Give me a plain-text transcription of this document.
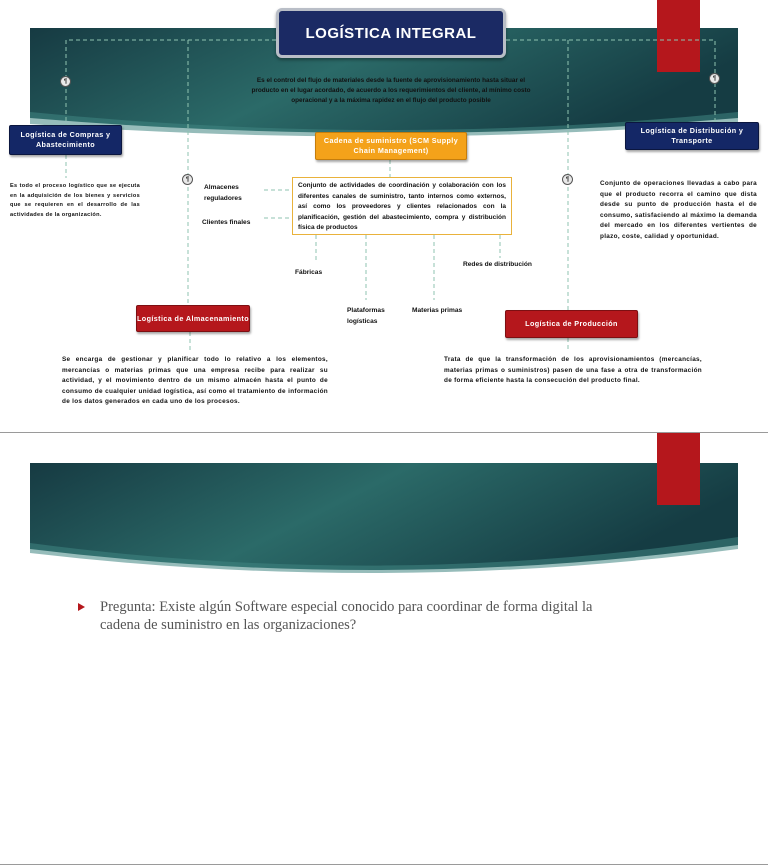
LOGÍSTICA INTEGRAL
Es el control del flujo de materiales desde la fuente de aprovisionamiento hasta situar el producto en el lugar acordado, de acuerdo a los requerimientos del cliente, al mínimo costo operacional y a la máxima rapidez en el flujo del producto posible
¶	¶
¶	¶
Logística de Compras y Abastecimiento	Cadena de suministro (SCM Supply Chain Management)
Logística de Distribución y Transporte
Logística de Almacenamiento
Logística de Producción
Es todo el proceso logístico que se ejecuta en la adquisición de los bienes y servicios que se requieren en el desarrollo de las actividades de la organización.
Conjunto de actividades de coordinación y colaboración con los diferentes canales de suministro, tanto internos como externos, así como los proveedores y clientes relacionados con la planificación, gestión del abastecimiento, compra y distribución física de productos
Conjunto de operaciones llevadas a cabo para que el producto recorra el camino que dista desde su punto de producción hasta el de consumo, satisfaciendo al máximo la demanda del mercado en los diferentes vertientes de plazo, coste, calidad y oportunidad.
Se encarga de gestionar y planificar todo lo relativo a los elementos, mercancías o materias primas que una empresa recibe para realizar su actividad, y el movimiento dentro de un mismo almacén hasta el punto de consumo de cualquier unidad logística, así como el tratamiento de información de los datos generados en cada uno de los procesos.
Trata de que la transformación de los aprovisionamientos (mercancías, materias primas o suministros) pasen de una fase a otra de transformación de forma eficiente hasta la consecución del producto final.
Almacenes reguladores
Clientes finales
Fábricas
Plataformas logísticas
Materias primas
Redes de distribución
Pregunta: Existe algún Software especial conocido para coordinar de forma digital la cadena de suministro en las organizaciones?
